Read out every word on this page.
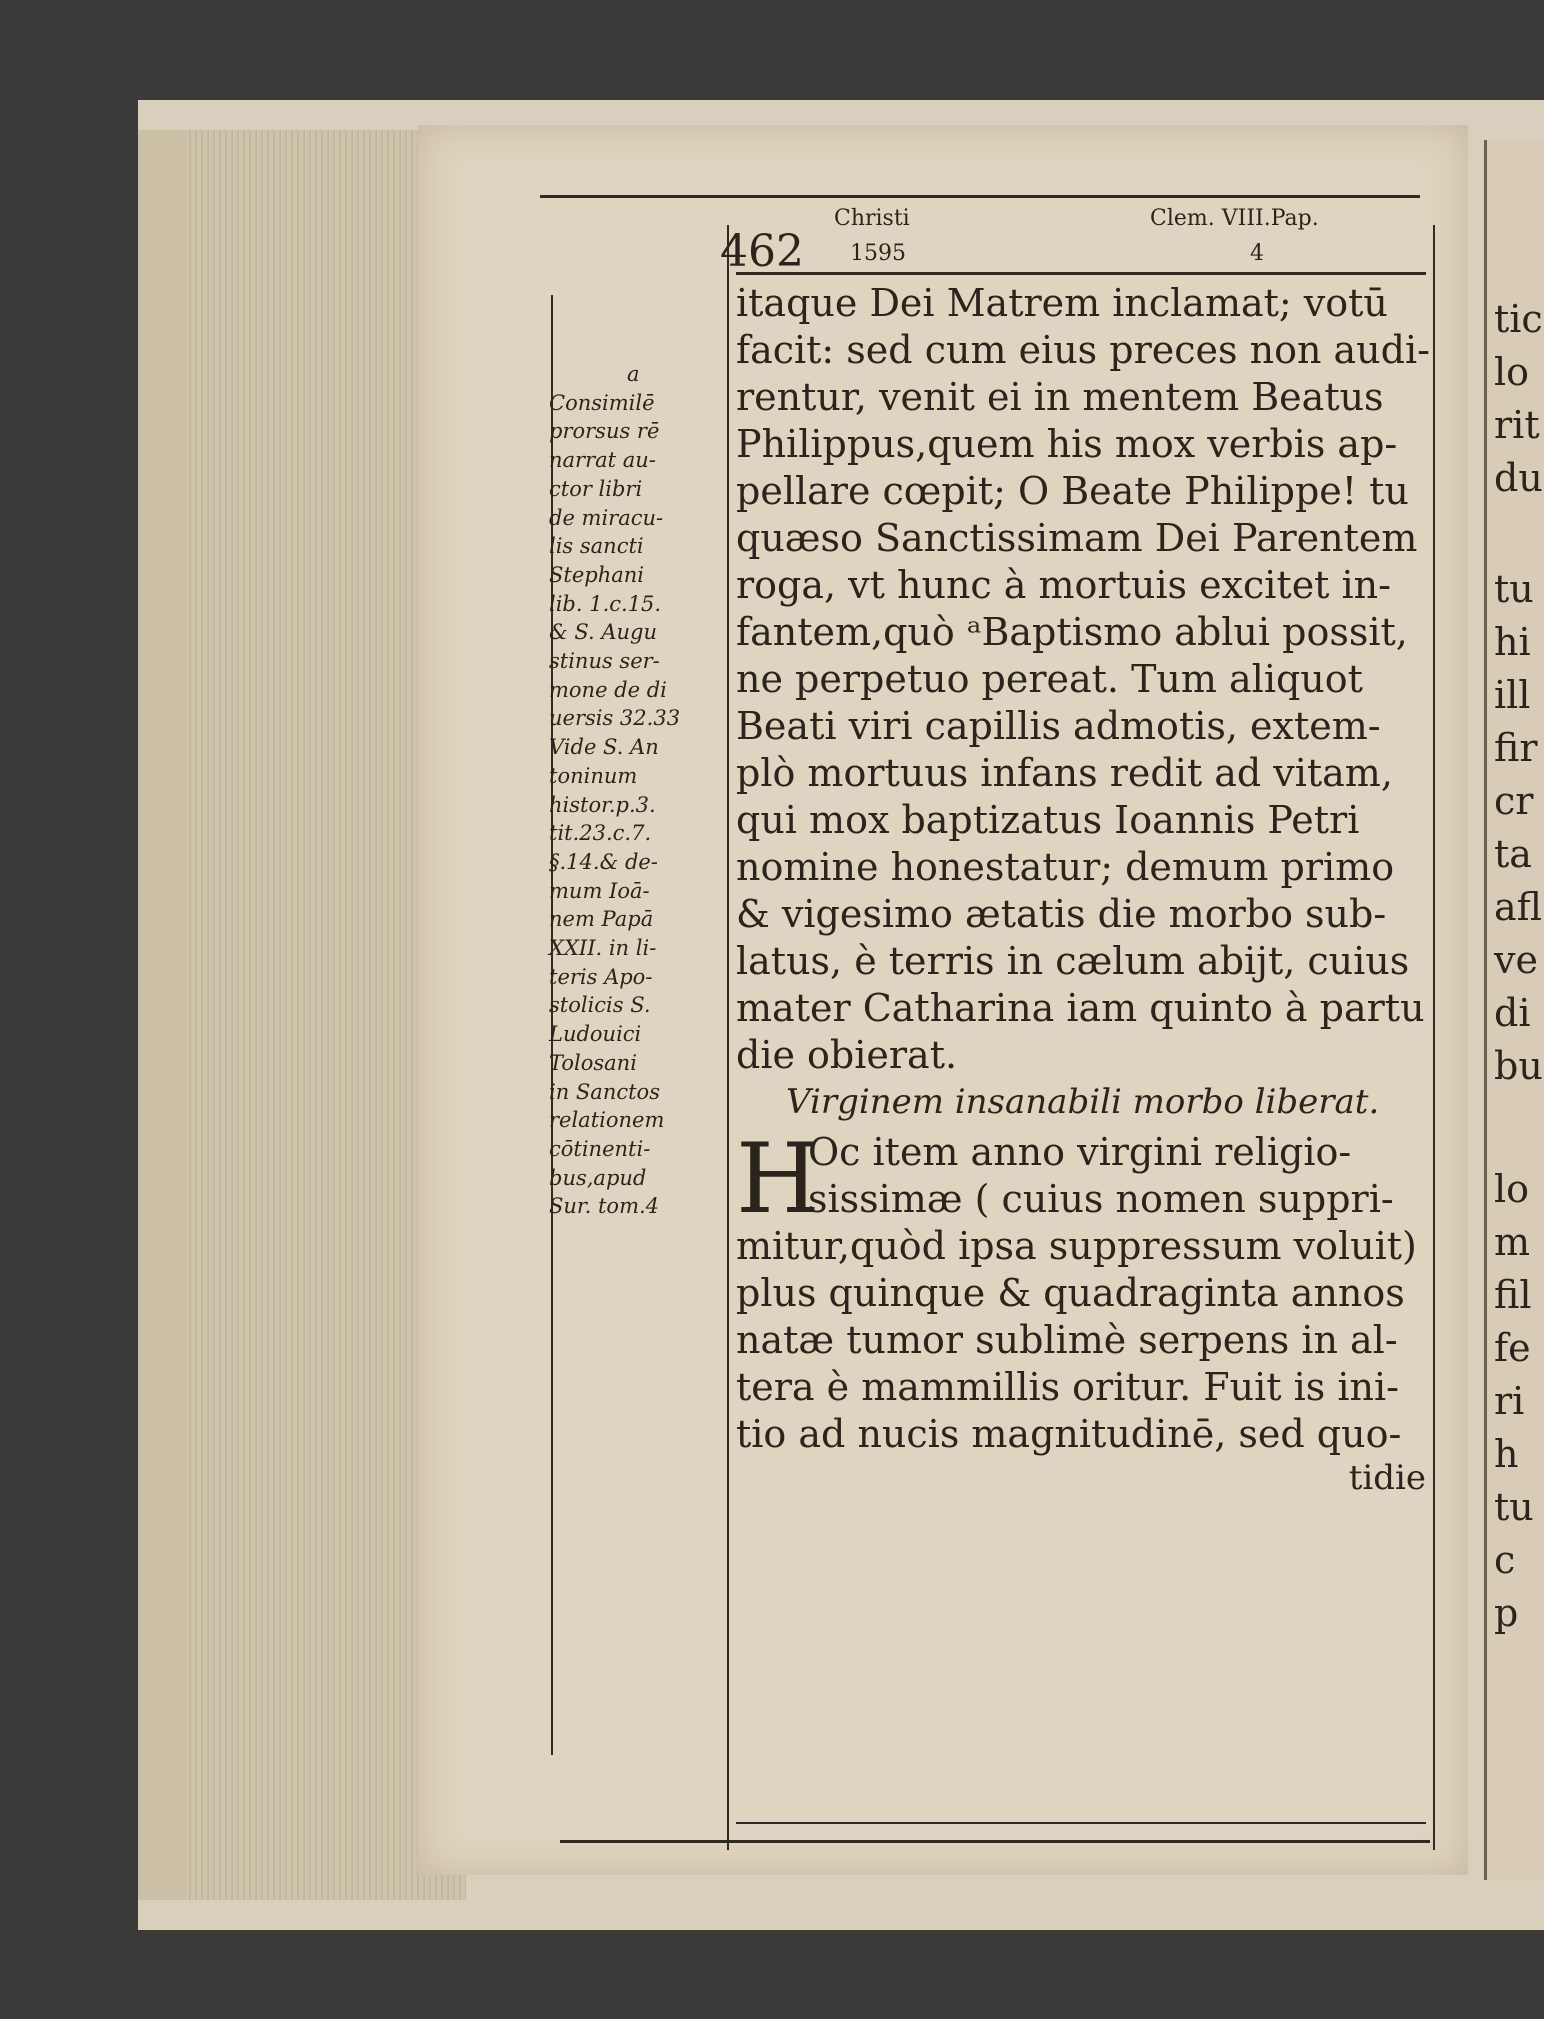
462
Christi
1595
Clem. VIII.Pap.
4
a
Consimilē
prorsus rē
narrat au-
ctor libri
de miracu-
lis sancti
Stephani
lib. 1.c.15.
& S. Augu
stinus ser-
mone de di
uersis 32.33
Vide S. An
toninum
histor.p.3.
tit.23.c.7.
§.14.& de-
mum Ioā-
nem Papā
XXII. in li-
teris Apo-
stolicis S.
Ludouici
Tolosani
in Sanctos
relationem
cōtinenti-
bus,apud
Sur. tom.4
itaque Dei Matrem inclamat; votū
facit: sed cum eius preces non audi-
rentur, venit ei in mentem Beatus
Philippus,quem his mox verbis ap-
pellare cœpit; O Beate Philippe! tu
quæso Sanctissimam Dei Parentem
roga, vt hunc à mortuis excitet in-
fantem,quò ᵃBaptismo ablui possit,
ne perpetuo pereat. Tum aliquot
Beati viri capillis admotis, extem-
plò mortuus infans redit ad vitam,
qui mox baptizatus Ioannis Petri
nomine honestatur; demum primo
& vigesimo ætatis die morbo sub-
latus, è terris in cælum abijt, cuius
mater Catharina iam quinto à partu
die obierat.
Virginem insanabili morbo liberat.
H
Oc item anno virgini religio-
sissimæ ( cuius nomen suppri-
mitur,quòd ipsa suppressum voluit)
plus quinque & quadraginta annos
natæ tumor sublimè serpens in al-
tera è mammillis oritur. Fuit is ini-
tio ad nucis magnitudinē, sed quo-
tidie
tic
lo
rit
du
tu
hi
ill
fir
cr
ta
afl
ve
di
bu
lo
m
fil
fe
ri
h
tu
c
p
